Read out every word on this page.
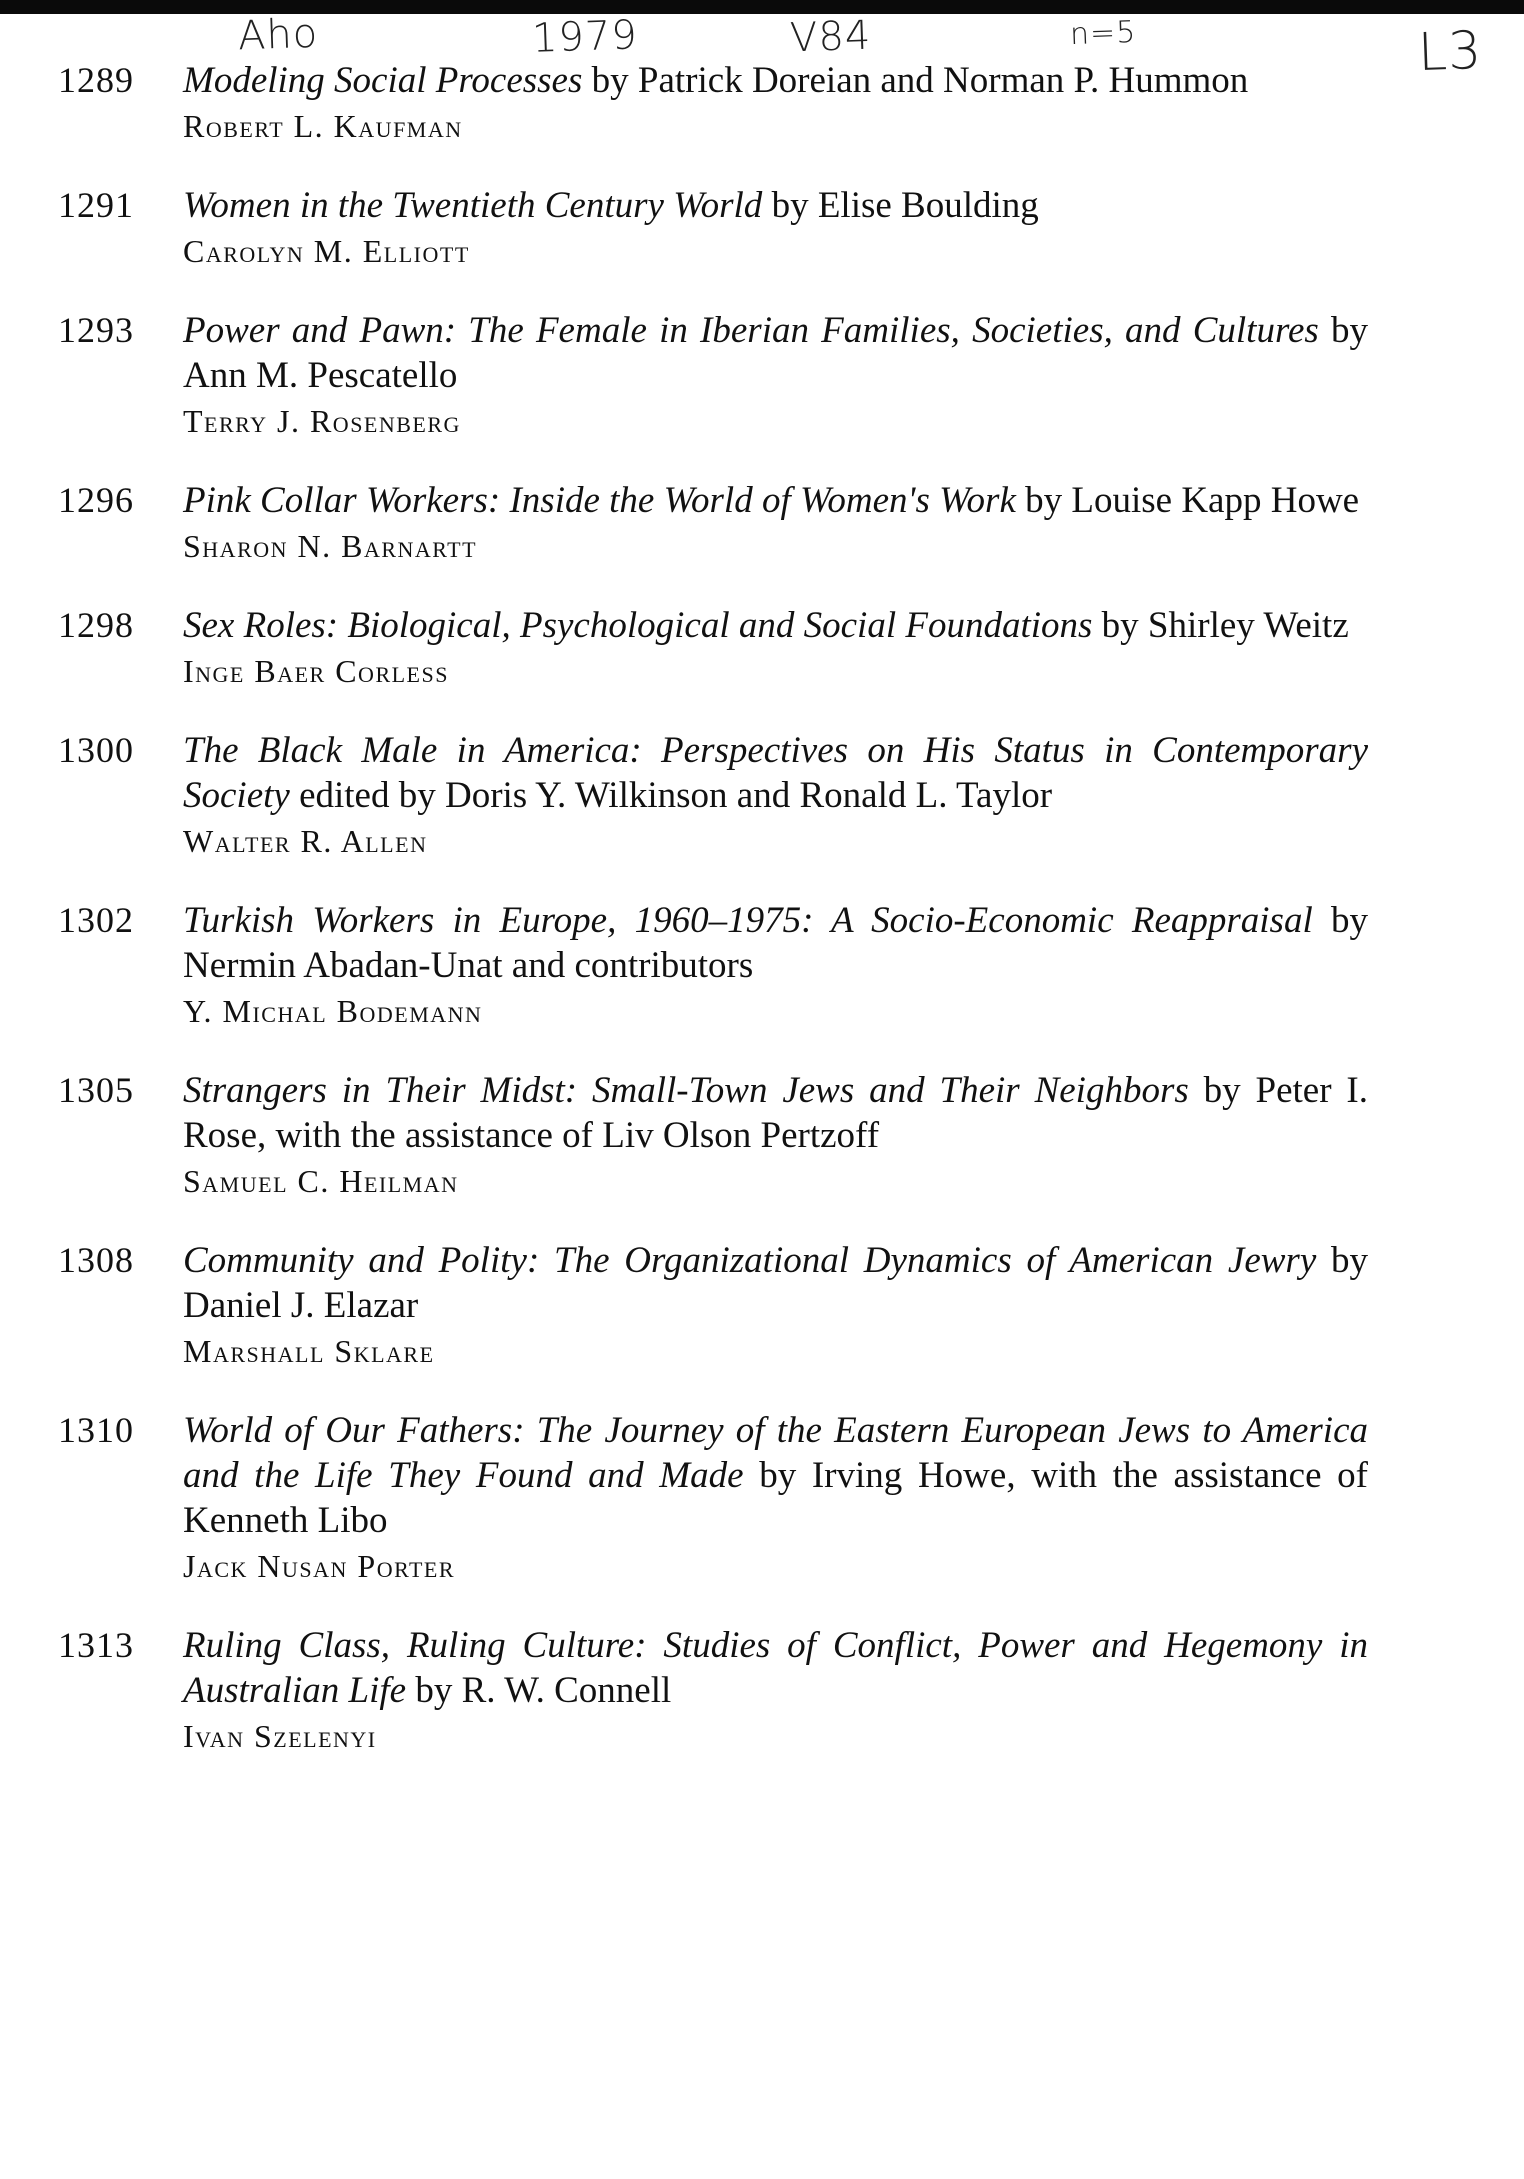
Aho	1979	V84	n=5	L3
1289	Modeling Social Processes by Patrick Doreian and Norman P. Hummon

Robert L. Kaufman

1291	Women in the Twentieth Century World by Elise Boulding

Carolyn M. Elliott

1293	Power and Pawn: The Female in Iberian Families, Societies, and Cultures by Ann M. Pescatello

Terry J. Rosenberg

1296	Pink Collar Workers: Inside the World of Women's Work by Louise Kapp Howe

Sharon N. Barnartt

1298	Sex Roles: Biological, Psychological and Social Foundations by Shirley Weitz

Inge Baer Corless

1300	The Black Male in America: Perspectives on His Status in Contemporary Society edited by Doris Y. Wilkinson and Ronald L. Taylor

Walter R. Allen

1302	Turkish Workers in Europe, 1960–1975: A Socio-Economic Reappraisal by Nermin Abadan-Unat and contributors

Y. Michal Bodemann

1305	Strangers in Their Midst: Small-Town Jews and Their Neighbors by Peter I. Rose, with the assistance of Liv Olson Pertzoff

Samuel C. Heilman

1308	Community and Polity: The Organizational Dynamics of American Jewry by Daniel J. Elazar

Marshall Sklare

1310	World of Our Fathers: The Journey of the Eastern European Jews to America and the Life They Found and Made by Irving Howe, with the assistance of Kenneth Libo

Jack Nusan Porter

1313	Ruling Class, Ruling Culture: Studies of Conflict, Power and Hegemony in Australian Life by R. W. Connell

Ivan Szelenyi
